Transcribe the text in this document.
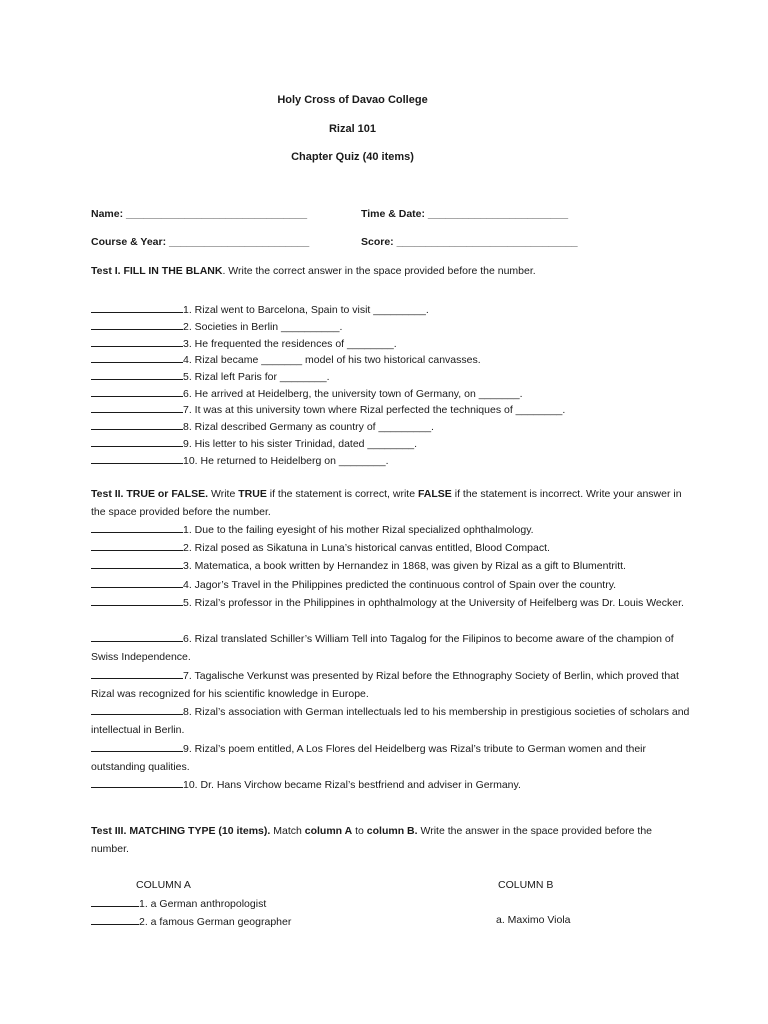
Holy Cross of Davao College
Rizal 101
Chapter Quiz (40 items)
Name: _______________________________	Time & Date: ________________________
Course & Year: ________________________	Score: _______________________________
Test I. FILL IN THE BLANK. Write the correct answer in the space provided before the number.
1. Rizal went to Barcelona, Spain to visit _________.
2. Societies in Berlin __________.
3. He frequented the residences of ________.
4. Rizal became _______ model of his two historical canvasses.
5. Rizal left Paris for ________.
6. He arrived at Heidelberg, the university town of Germany, on _______.
7. It was at this university town where Rizal perfected the techniques of ________.
8. Rizal described Germany as country of _________.
9. His letter to his sister Trinidad, dated ________.
10. He returned to Heidelberg on ________.
Test II. TRUE or FALSE. Write TRUE if the statement is correct, write FALSE if the statement is incorrect. Write your answer in the space provided before the number.
1. Due to the failing eyesight of his mother Rizal specialized ophthalmology.
2. Rizal posed as Sikatuna in Luna’s historical canvas entitled, Blood Compact.
3. Matematica, a book written by Hernandez in 1868, was given by Rizal as a gift to Blumentritt.
4. Jagor’s Travel in the Philippines predicted the continuous control of Spain over the country.
5. Rizal’s professor in the Philippines in ophthalmology at the University of Heifelberg was Dr. Louis Wecker.
6. Rizal translated Schiller’s William Tell into Tagalog for the Filipinos to become aware of the champion of Swiss Independence.
7. Tagalische Verkunst was presented by Rizal before the Ethnography Society of Berlin, which proved that Rizal was recognized for his scientific knowledge in Europe.
8. Rizal’s association with German intellectuals led to his membership in prestigious societies of scholars and intellectual in Berlin.
9. Rizal’s poem entitled, A Los Flores del Heidelberg was Rizal’s tribute to German women and their outstanding qualities.
10. Dr. Hans Virchow became Rizal’s bestfriend and adviser in Germany.
Test III. MATCHING TYPE (10 items). Match column A to column B. Write the answer in the space provided before the number.
COLUMN A	COLUMN B
1. a German anthropologist
2. a famous German geographer	a. Maximo Viola
